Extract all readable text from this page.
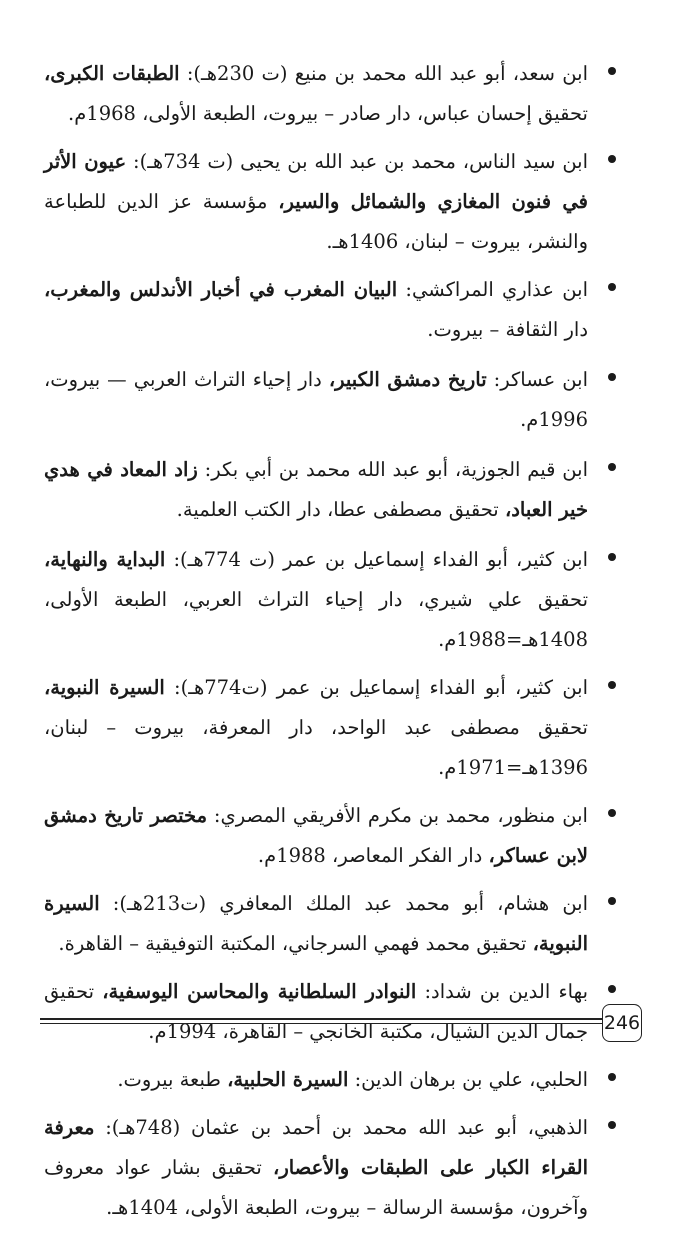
ابن سعد، أبو عبد الله محمد بن منيع (ت 230هـ): الطبقات الكبرى، تحقيق إحسان عباس، دار صادر – بيروت، الطبعة الأولى، 1968م.
ابن سيد الناس، محمد بن عبد الله بن يحيى (ت 734هـ): عيون الأثر في فنون المغازي والشمائل والسير، مؤسسة عز الدين للطباعة والنشر، بيروت – لبنان، 1406هـ.
ابن عذاري المراكشي: البيان المغرب في أخبار الأندلس والمغرب، دار الثقافة – بيروت.
ابن عساكر: تاريخ دمشق الكبير، دار إحياء التراث العربي — بيروت، 1996م.
ابن قيم الجوزية، أبو عبد الله محمد بن أبي بكر: زاد المعاد في هدي خير العباد، تحقيق مصطفى عطا، دار الكتب العلمية.
ابن كثير، أبو الفداء إسماعيل بن عمر (ت 774هـ): البداية والنهاية، تحقيق علي شيري، دار إحياء التراث العربي، الطبعة الأولى، 1408هـ=1988م.
ابن كثير، أبو الفداء إسماعيل بن عمر (ت774هـ): السيرة النبوية، تحقيق مصطفى عبد الواحد، دار المعرفة، بيروت – لبنان، 1396هـ=1971م.
ابن منظور، محمد بن مكرم الأفريقي المصري: مختصر تاريخ دمشق لابن عساكر، دار الفكر المعاصر، 1988م.
ابن هشام، أبو محمد عبد الملك المعافري (ت213هـ): السيرة النبوية، تحقيق محمد فهمي السرجاني، المكتبة التوفيقية – القاهرة.
بهاء الدين بن شداد: النوادر السلطانية والمحاسن اليوسفية، تحقيق جمال الدين الشيال، مكتبة الخانجي – القاهرة، 1994م.
الحلبي، علي بن برهان الدين: السيرة الحلبية، طبعة بيروت.
الذهبي، أبو عبد الله محمد بن أحمد بن عثمان (748هـ): معرفة القراء الكبار على الطبقات والأعصار، تحقيق بشار عواد معروف وآخرون، مؤسسة الرسالة – بيروت، الطبعة الأولى، 1404هـ.
246
